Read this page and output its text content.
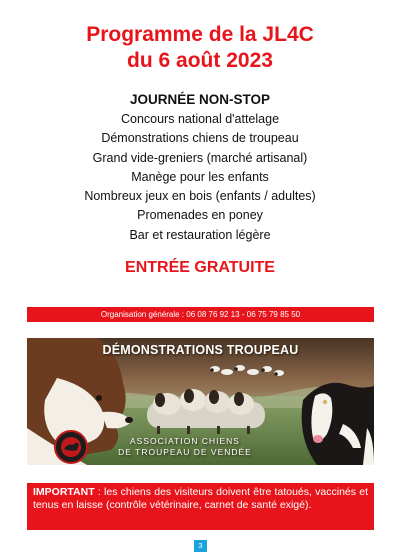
Programme de la JL4C
du 6 août 2023
JOURNÉE NON-STOP
Concours national d'attelage
Démonstrations chiens de troupeau
Grand vide-greniers (marché artisanal)
Manège pour les enfants
Nombreux jeux en bois (enfants / adultes)
Promenades en poney
Bar et restauration légère
ENTRÉE GRATUITE
Organisation générale : 06 08 76 92 13 - 06 75 79 85 50
DÉMONSTRATIONS TROUPEAU
ASSOCIATION CHIENS
DE TROUPEAU DE VENDÉE
IMPORTANT : les chiens des visiteurs doivent être tatoués, vaccinés et tenus en laisse (contrôle vétérinaire, carnet de santé exigé).
3
